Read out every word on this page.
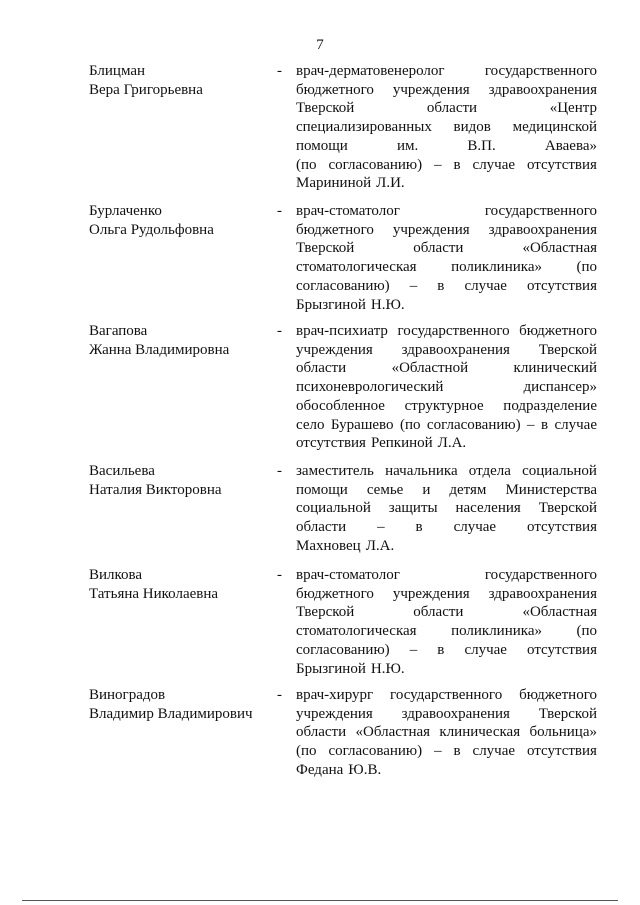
7
Блицман
Вера Григорьевна
- врач-дерматовенеролог	государственного
бюджетного учреждения здравоохранения
Тверской	области	«Центр
специализированных видов медицинской
помощи	им.	В.П.	Аваева»
(по согласованию) – в случае отсутствия
Марининой Л.И.
Бурлаченко
Ольга Рудольфовна
- врач-стоматолог	государственного
бюджетного учреждения здравоохранения
Тверской	области	«Областная
стоматологическая поликлиника» (по
согласованию) – в случае отсутствия
Брызгиной Н.Ю.
Вагапова
Жанна Владимировна
- врач-психиатр государственного бюджетного
учреждения здравоохранения Тверской
области	«Областной	клинический
психоневрологический	диспансер»
обособленное структурное подразделение
село Бурашево (по согласованию) – в случае
отсутствия Репкиной Л.А.
Васильева
Наталия Викторовна
- заместитель начальника отдела социальной
помощи семье и детям Министерства
социальной защиты населения Тверской
области – в случае отсутствия
Махновец Л.А.
Вилкова
Татьяна Николаевна
- врач-стоматолог	государственного
бюджетного учреждения здравоохранения
Тверской	области	«Областная
стоматологическая поликлиника» (по
согласованию) – в случае отсутствия
Брызгиной Н.Ю.
Виноградов
Владимир Владимирович
- врач-хирург государственного бюджетного
учреждения здравоохранения Тверской
области «Областная клиническая больница»
(по согласованию) – в случае отсутствия
Федана Ю.В.
